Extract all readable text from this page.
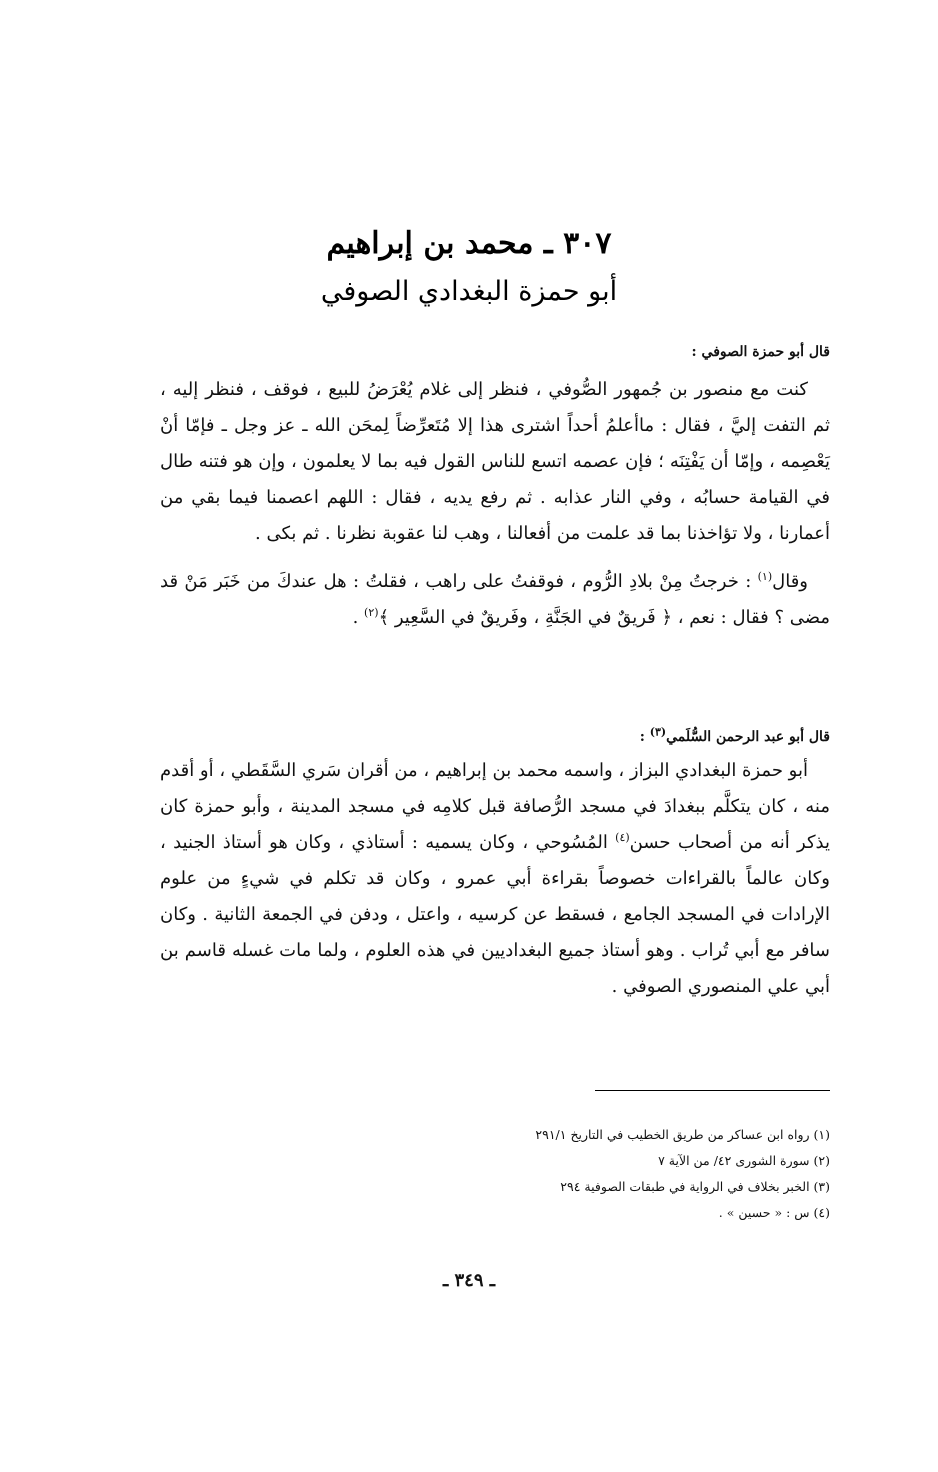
٣٠٧ ـ محمد بن إبراهيم
أبو حمزة البغدادي الصوفي
قال أبو حمزة الصوفي :

كنت مع منصور بن جُمهور الصُّوفي ، فنظر إلى غلام يُعْرَضُ للبيع ، فوقف ، فنظر إليه ، ثم التفت إليَّ ، فقال : ماأعلمُ أحداً اشترى هذا إلا مُتَعرِّضاً لِمحَن الله ـ عز وجل ـ فإمّا أنْ يَعْصِمه ، وإمّا أن يَفْتِنَه ؛ فإن عصمه اتسع للناس القول فيه بما لا يعلمون ، وإن هو فتنه طال في القيامة حسابُه ، وفي النار عذابه . ثم رفع يديه ، فقال : اللهم اعصمنا فيما بقي من أعمارنا ، ولا تؤاخذنا بما قد علمت من أفعالنا ، وهب لنا عقوبة نظرنا . ثم بكى .

وقال$^{(١)}$ : خرجتُ مِنْ بلادِ الرُّوم ، فوقفتُ على راهب ، فقلتُ : هل عندكَ من خَبَر مَنْ قد مضى ؟ فقال : نعم ، ﴿ فَريقٌ في الجَنَّةِ ، وفَريقٌ في السَّعِير ﴾$^{(٢)}$ .

قال أبو عبد الرحمن السُّلَمي$^{(٣)}$ :

أبو حمزة البغدادي البزاز ، واسمه محمد بن إبراهيم ، من أقران سَري السَّقَطي ، أو أقدم منه ، كان يتكلَّم ببغدادَ في مسجد الرُّصافة قبل كلامِه في مسجد المدينة ، وأبو حمزة كان يذكر أنه من أصحاب حسن$^{(٤)}$ المُسُوحي ، وكان يسميه : أستاذي ، وكان هو أستاذ الجنيد ، وكان عالماً بالقراءات خصوصاً بقراءة أبي عمرو ، وكان قد تكلم في شيءٍ من علوم الإرادات في المسجد الجامع ، فسقط عن كرسيه ، واعتل ، ودفن في الجمعة الثانية . وكان سافر مع أبي تُراب . وهو أستاذ جميع البغداديين في هذه العلوم ، ولما مات غسله قاسم بن أبي علي المنصوري الصوفي .

(١) رواه ابن عساكر من طريق الخطيب في التاريخ ٢٩١/١
(٢) سورة الشورى ٤٢/ من الآية ٧
(٣) الخبر بخلاف في الرواية في طبقات الصوفية ٢٩٤
(٤) س : « حسين » .
ـ ٣٤٩ ـ
